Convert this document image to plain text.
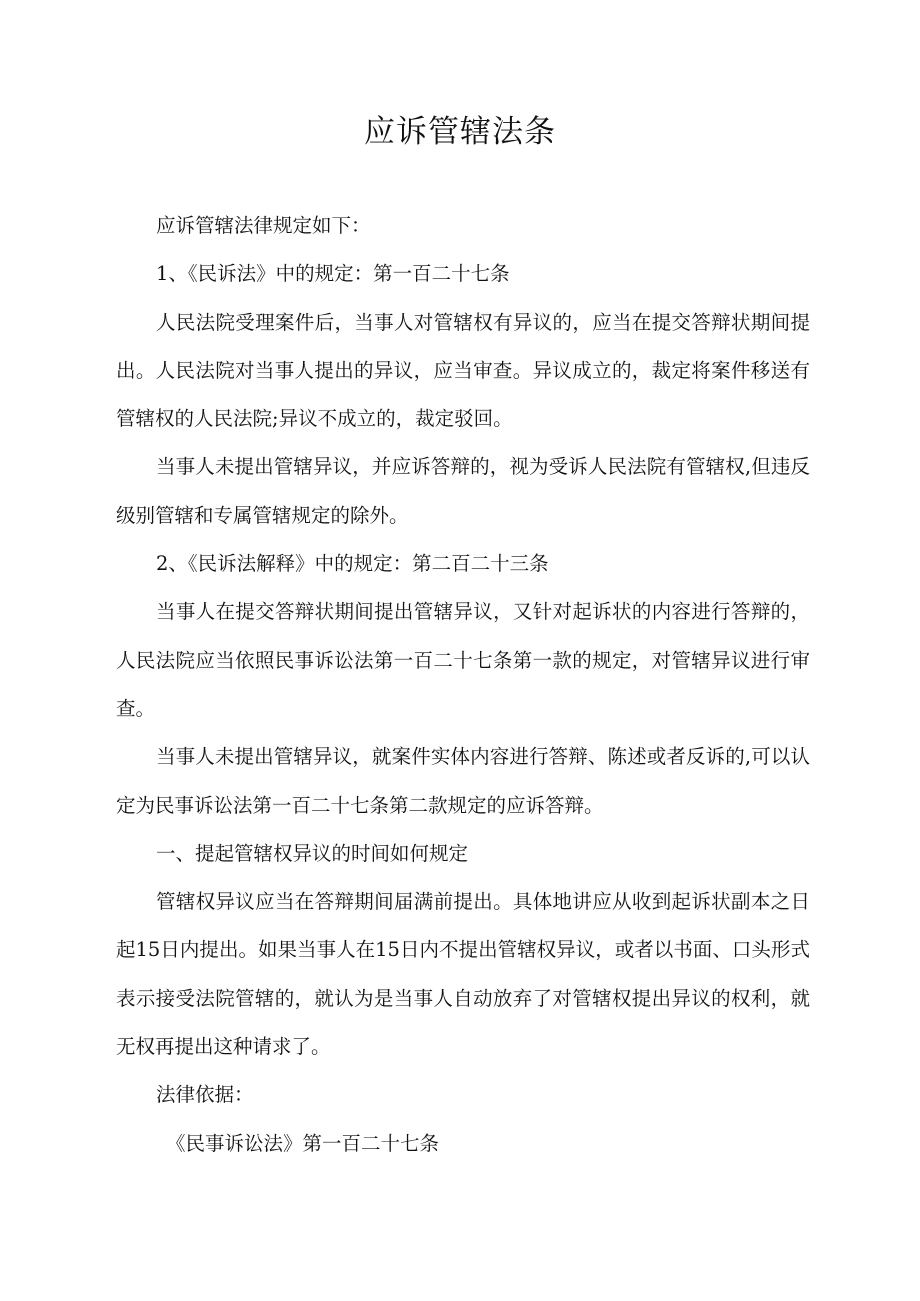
应诉管辖法条

应诉管辖法律规定如下：

1、《民诉法》中的规定：第一百二十七条

人民法院受理案件后，当事人对管辖权有异议的，应当在提交答辩状期间提出。人民法院对当事人提出的异议，应当审查。异议成立的，裁定将案件移送有管辖权的人民法院;异议不成立的，裁定驳回。

当事人未提出管辖异议，并应诉答辩的，视为受诉人民法院有管辖权,但违反级别管辖和专属管辖规定的除外。

2、《民诉法解释》中的规定：第二百二十三条

当事人在提交答辩状期间提出管辖异议，又针对起诉状的内容进行答辩的，人民法院应当依照民事诉讼法第一百二十七条第一款的规定，对管辖异议进行审查。

当事人未提出管辖异议，就案件实体内容进行答辩、陈述或者反诉的,可以认定为民事诉讼法第一百二十七条第二款规定的应诉答辩。

一、提起管辖权异议的时间如何规定

管辖权异议应当在答辩期间届满前提出。具体地讲应从收到起诉状副本之日起15日内提出。如果当事人在15日内不提出管辖权异议，或者以书面、口头形式表示接受法院管辖的，就认为是当事人自动放弃了对管辖权提出异议的权利，就无权再提出这种请求了。

法律依据：

《民事诉讼法》第一百二十七条
